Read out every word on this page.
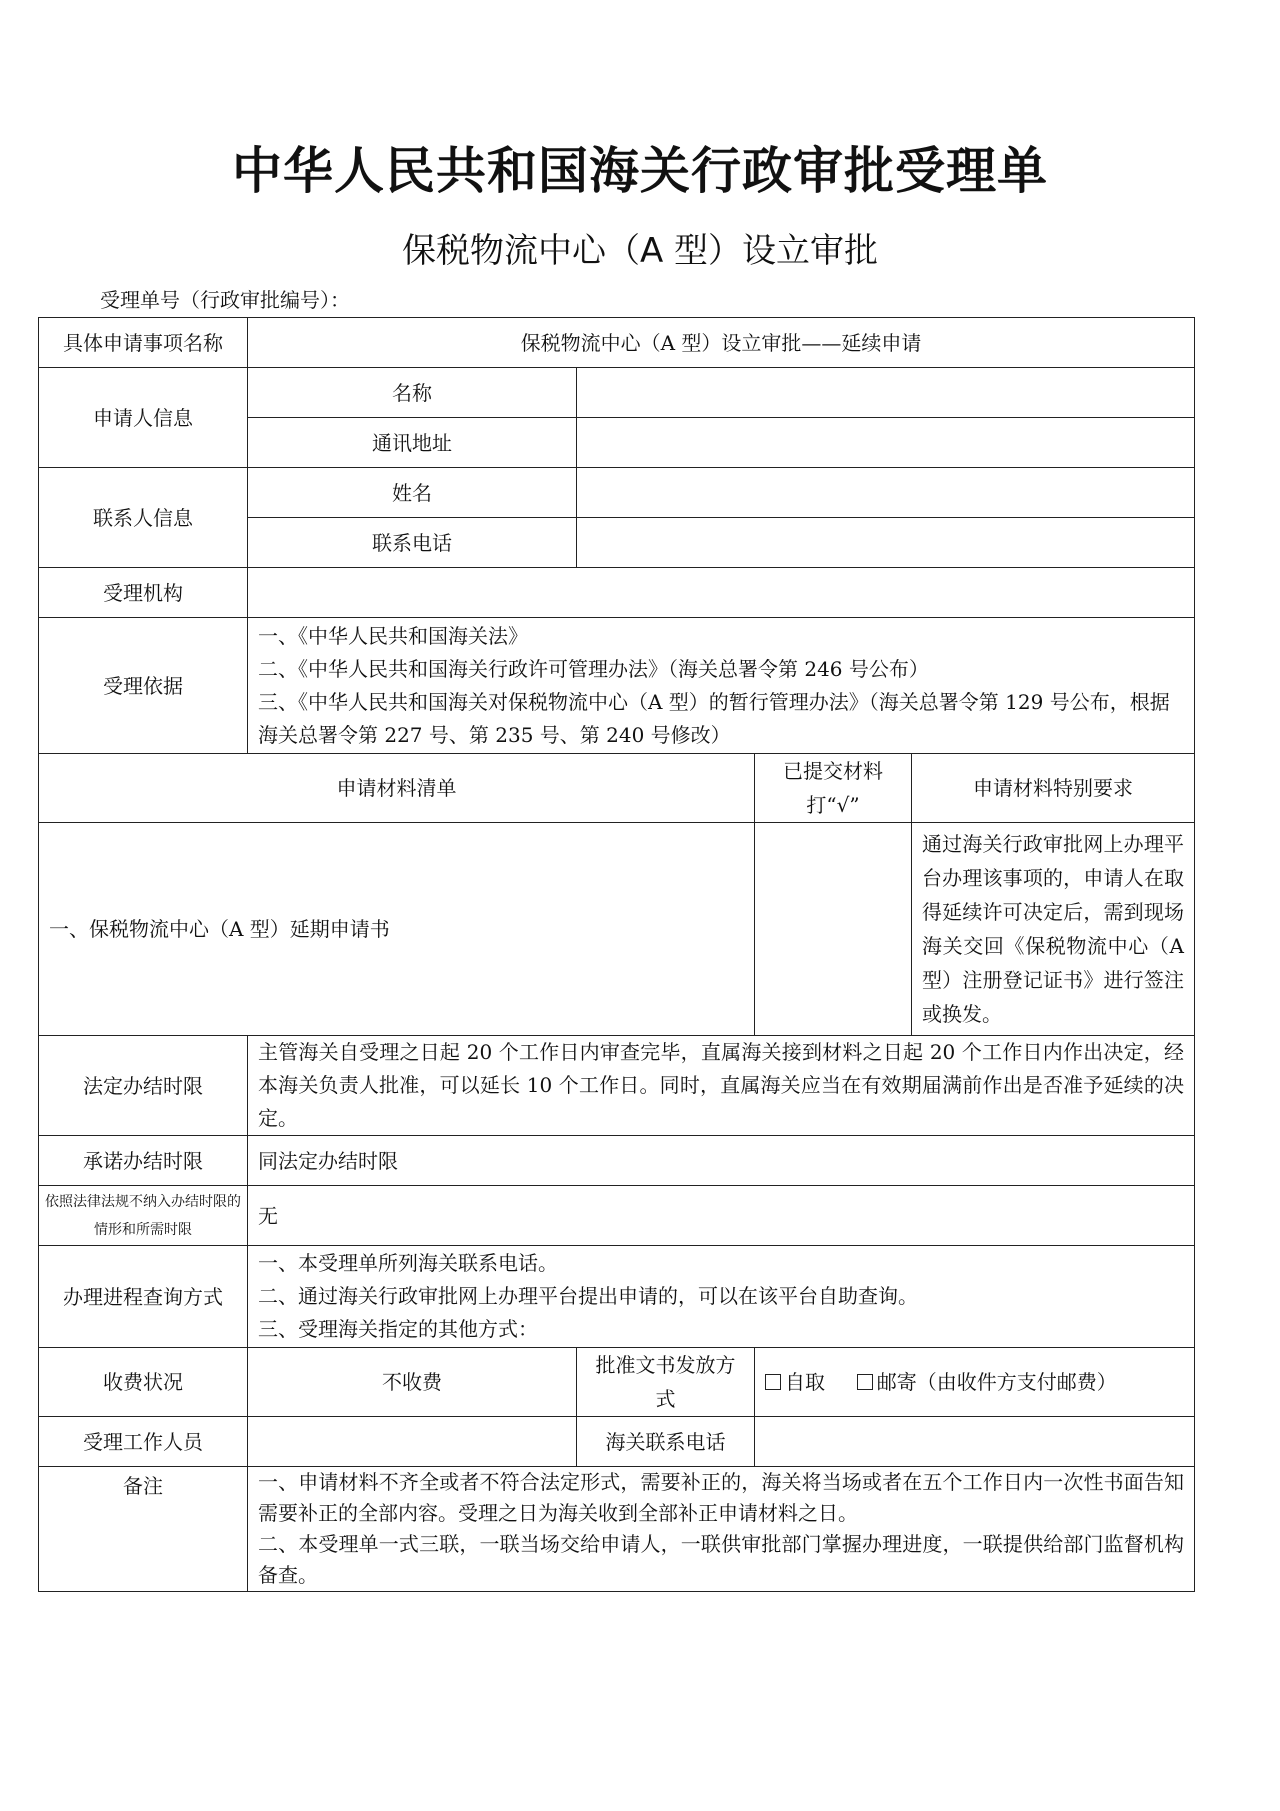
中华人民共和国海关行政审批受理单
保税物流中心（A 型）设立审批
受理单号（行政审批编号）：
具体申请事项名称	保税物流中心（A 型）设立审批——延续申请			
申请人信息	名称			
	通讯地址			
联系人信息	姓名			
	联系电话			
受理机构				
受理依据	一、《中华人民共和国海关法》
二、《中华人民共和国海关行政许可管理办法》（海关总署令第 246 号公布）
三、《中华人民共和国海关对保税物流中心（A 型）的暂行管理办法》（海关总署令第 129 号公布，根据海关总署令第 227 号、第 235 号、第 240 号修改）			

申请材料清单			已提交材料打“√”	申请材料特别要求
一、保税物流中心（A 型）延期申请书				通过海关行政审批网上办理平台办理该事项的，申请人在取得延续许可决定后，需到现场海关交回《保税物流中心（A 型）注册登记证书》进行签注或换发。
法定办结时限	主管海关自受理之日起 20 个工作日内审查完毕，直属海关接到材料之日起 20 个工作日内作出决定，经本海关负责人批准，可以延长 10 个工作日。同时，直属海关应当在有效期届满前作出是否准予延续的决定。			
承诺办结时限	同法定办结时限			
依照法律法规不纳入办结时限的情形和所需时限	无			
办理进程查询方式	一、本受理单所列海关联系电话。
二、通过海关行政审批网上办理平台提出申请的，可以在该平台自助查询。
三、受理海关指定的其他方式：			

收费状况	不收费	批准文书发放方式	自取 邮寄（由收件方支付邮费）	
受理工作人员		海关联系电话		
备注	一、申请材料不齐全或者不符合法定形式，需要补正的，海关将当场或者在五个工作日内一次性书面告知需要补正的全部内容。受理之日为海关收到全部补正申请材料之日。
二、本受理单一式三联，一联当场交给申请人，一联供审批部门掌握办理进度，一联提供给部门监督机构备查。			
